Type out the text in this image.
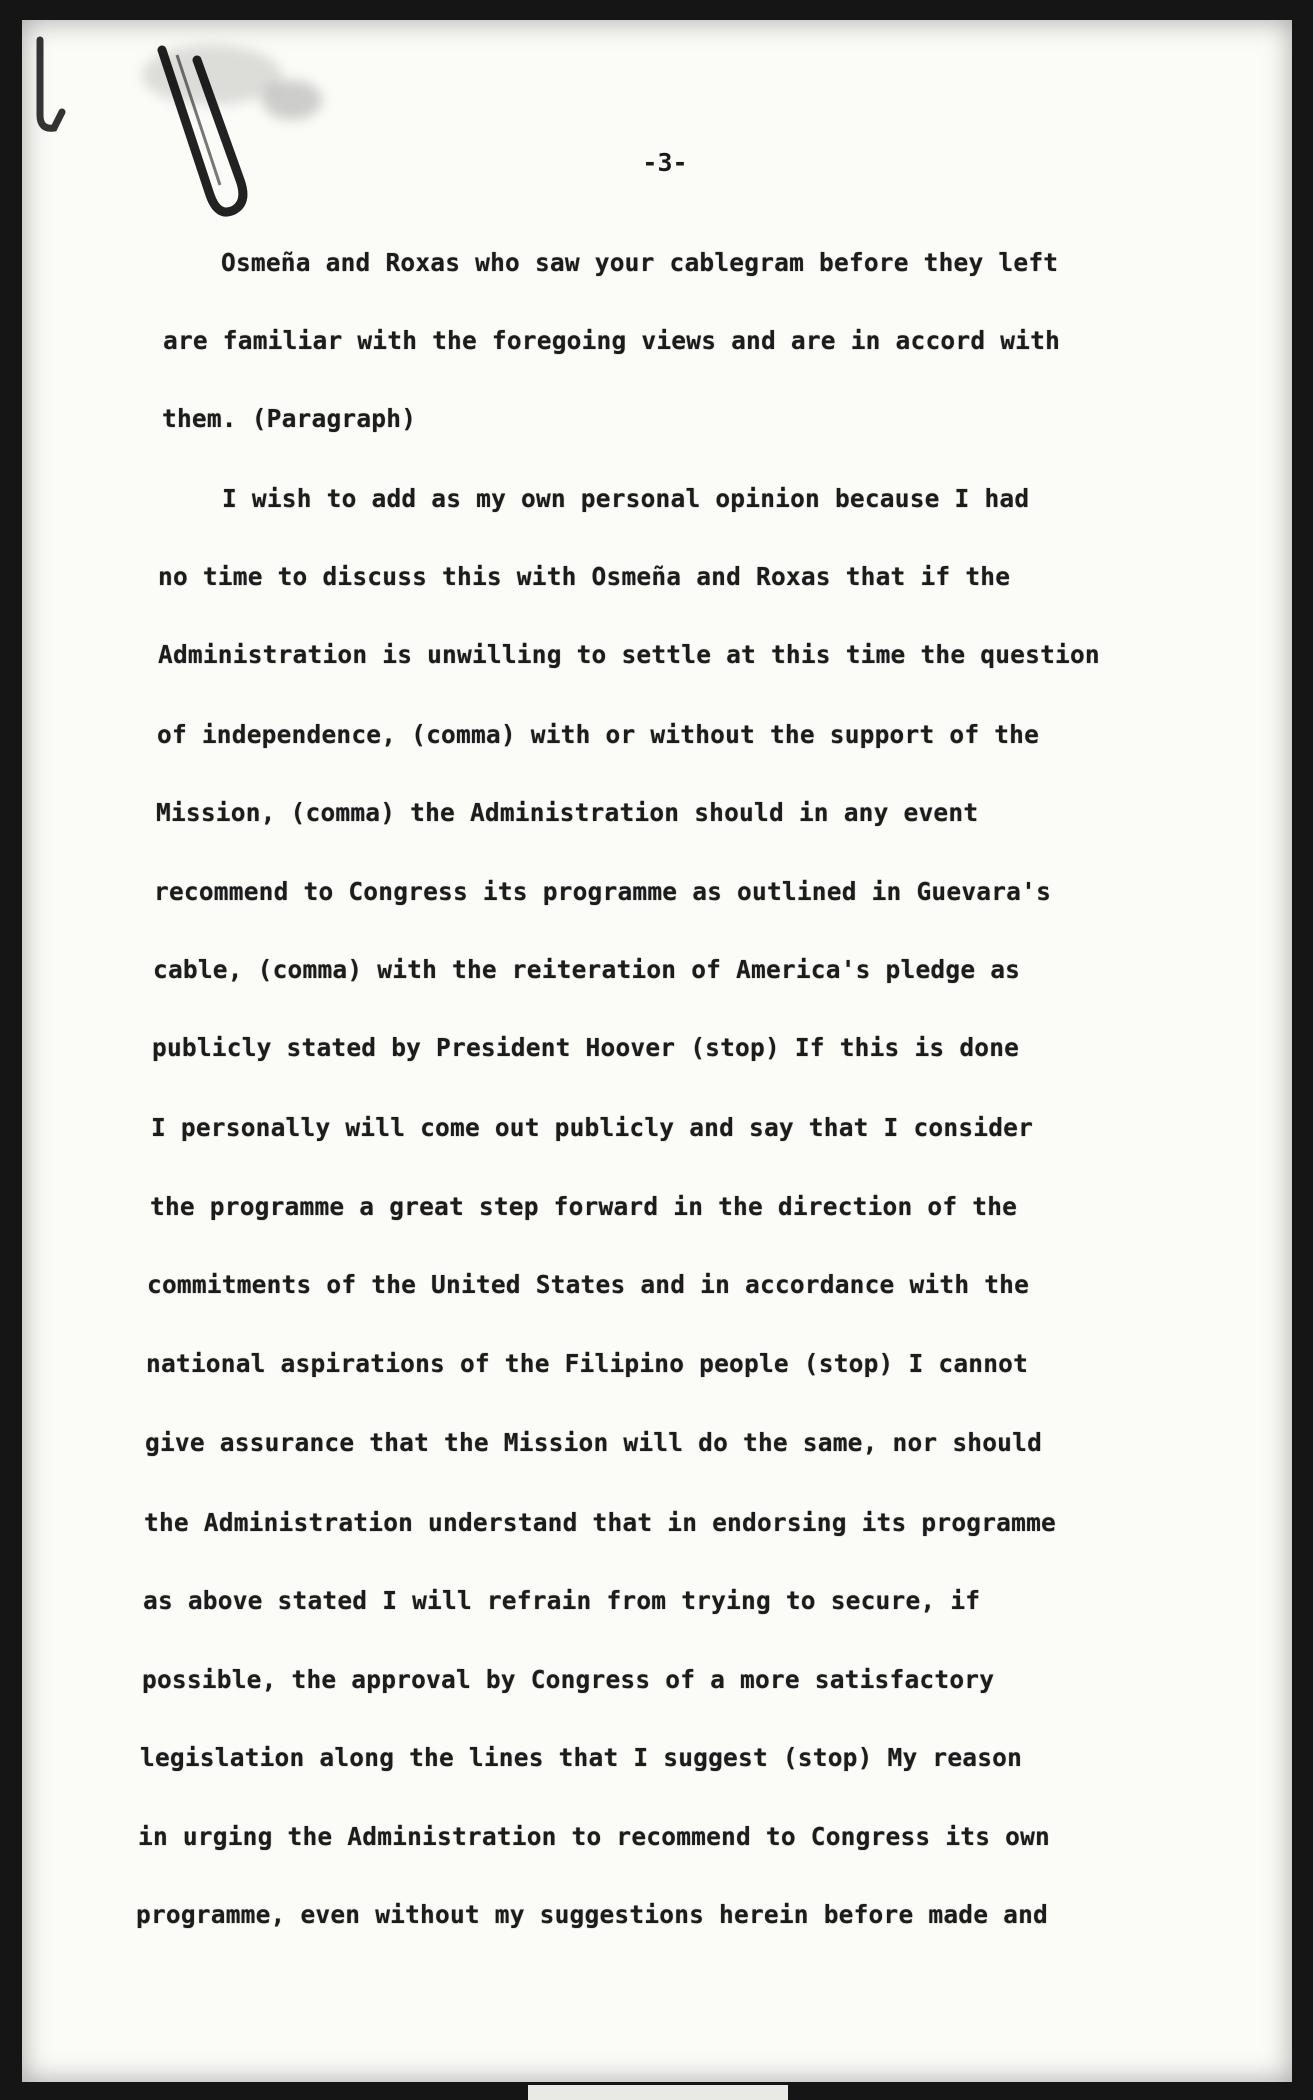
-3-
Osmeña and Roxas who saw your cablegram before they left
are familiar with the foregoing views and are in accord with
them. (Paragraph)
I wish to add as my own personal opinion because I had
no time to discuss this with Osmeña and Roxas that if the
Administration is unwilling to settle at this time the question
of independence, (comma) with or without the support of the
Mission, (comma) the Administration should in any event
recommend to Congress its programme as outlined in Guevara's
cable, (comma) with the reiteration of America's pledge as
publicly stated by President Hoover (stop) If this is done
I personally will come out publicly and say that I consider
the programme a great step forward in the direction of the
commitments of the United States and in accordance with the
national aspirations of the Filipino people (stop) I cannot
give assurance that the Mission will do the same, nor should
the Administration understand that in endorsing its programme
as above stated I will refrain from trying to secure, if
possible, the approval by Congress of a more satisfactory
legislation along the lines that I suggest (stop) My reason
in urging the Administration to recommend to Congress its own
programme, even without my suggestions herein before made and
